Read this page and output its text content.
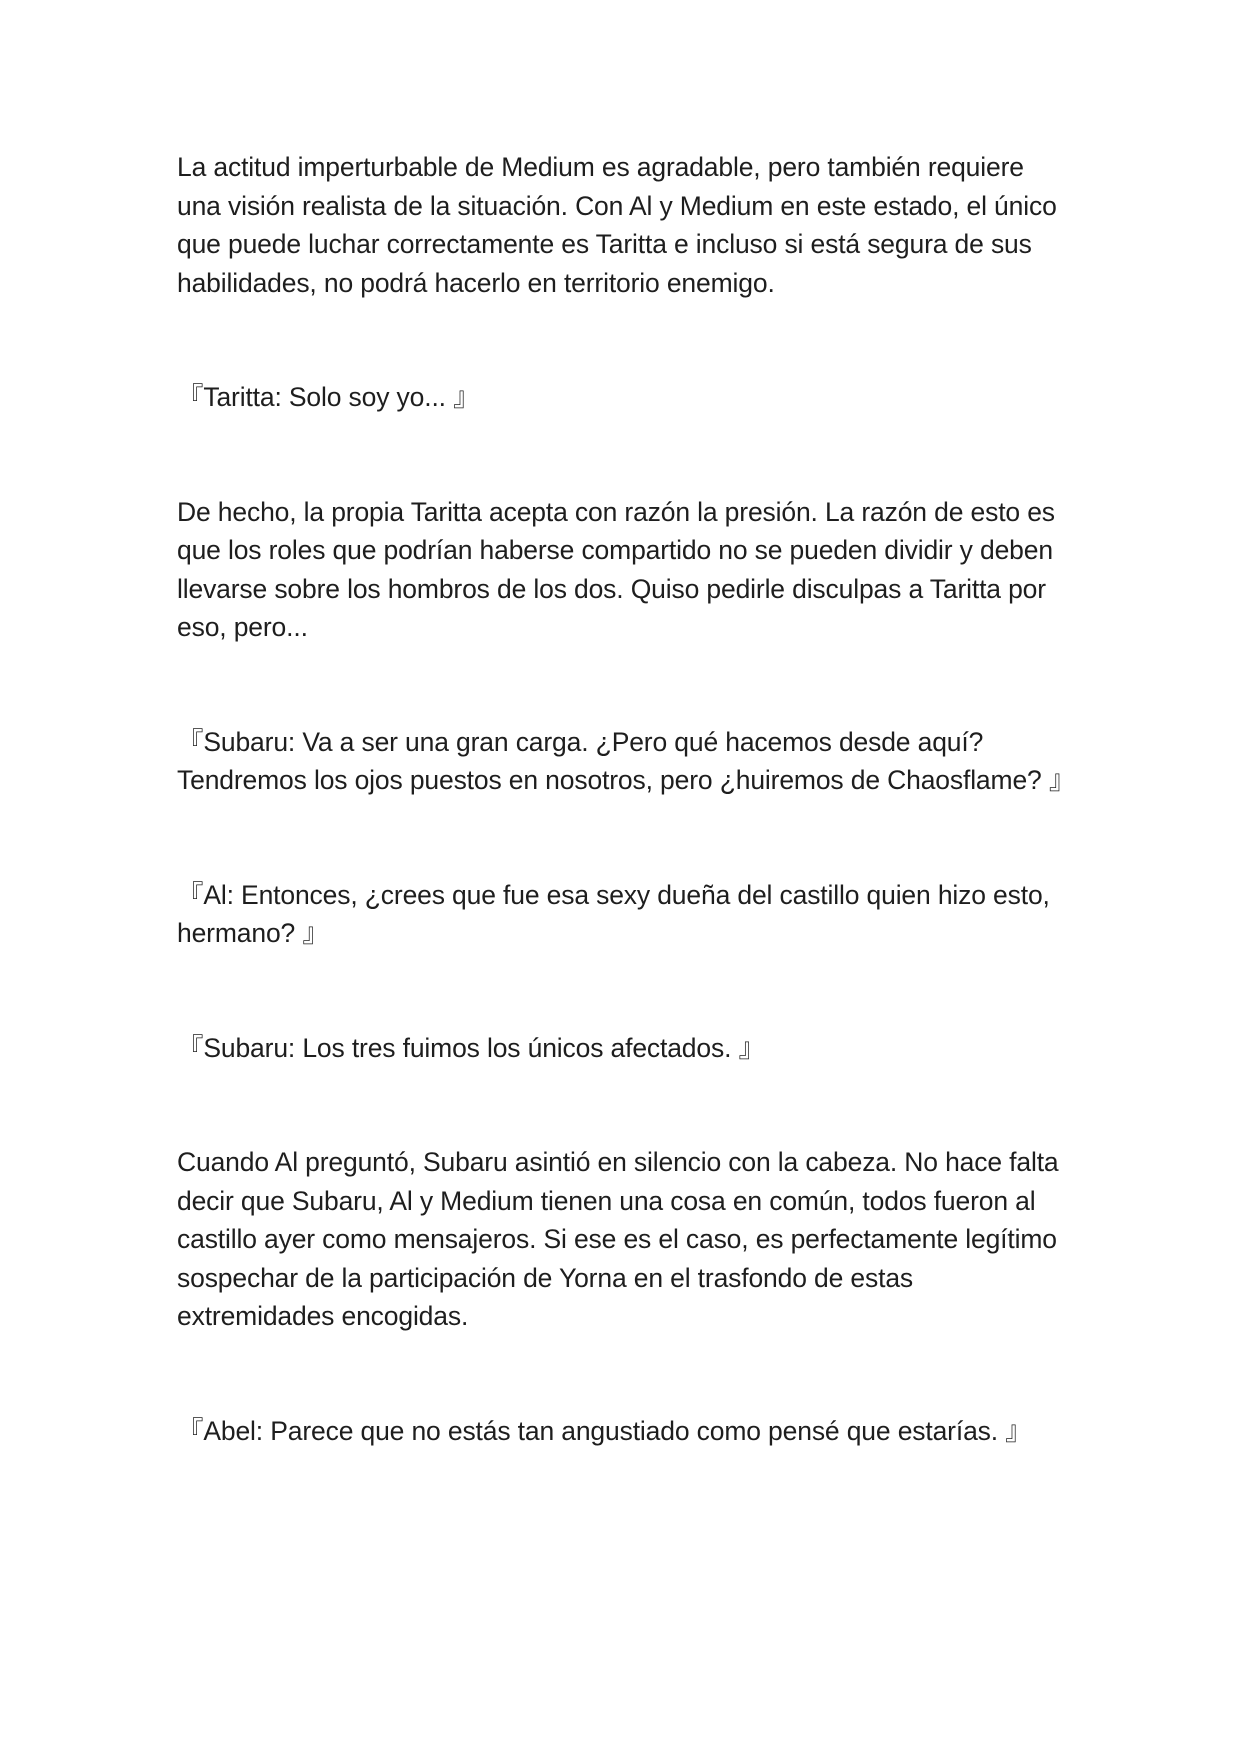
La actitud imperturbable de Medium es agradable, pero también requiere una visión realista de la situación. Con Al y Medium en este estado, el único que puede luchar correctamente es Taritta e incluso si está segura de sus habilidades, no podrá hacerlo en territorio enemigo.

『Taritta: Solo soy yo... 』

De hecho, la propia Taritta acepta con razón la presión. La razón de esto es que los roles que podrían haberse compartido no se pueden dividir y deben llevarse sobre los hombros de los dos. Quiso pedirle disculpas a Taritta por eso, pero...

『Subaru: Va a ser una gran carga. ¿Pero qué hacemos desde aquí? Tendremos los ojos puestos en nosotros, pero ¿huiremos de Chaosflame? 』

『Al: Entonces, ¿crees que fue esa sexy dueña del castillo quien hizo esto, hermano? 』

『Subaru: Los tres fuimos los únicos afectados. 』

Cuando Al preguntó, Subaru asintió en silencio con la cabeza. No hace falta decir que Subaru, Al y Medium tienen una cosa en común, todos fueron al castillo ayer como mensajeros. Si ese es el caso, es perfectamente legítimo sospechar de la participación de Yorna en el trasfondo de estas extremidades encogidas.

『Abel: Parece que no estás tan angustiado como pensé que estarías. 』
